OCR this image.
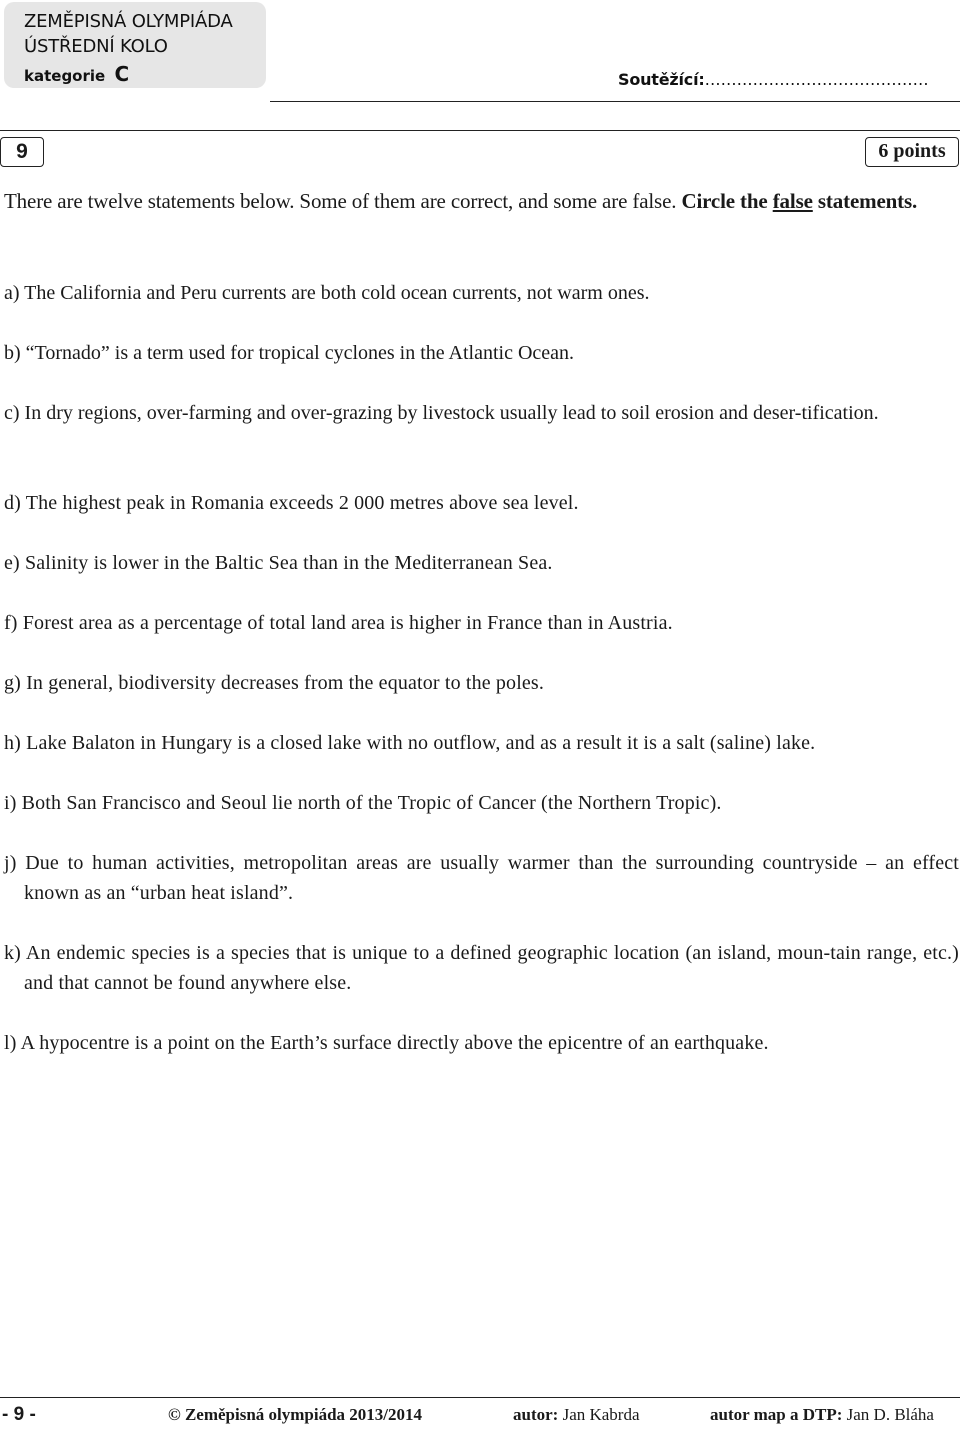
ZEMĚPISNÁ OLYMPIÁDA
ÚSTŘEDNÍ KOLO
kategorie C	Soutěžící:……………………………………
9	6 points
There are twelve statements below. Some of them are correct, and some are false. Circle the false statements.
a) The California and Peru currents are both cold ocean currents, not warm ones.
b) “Tornado” is a term used for tropical cyclones in the Atlantic Ocean.
c) In dry regions, over-farming and over-grazing by livestock usually lead to soil erosion and deser-tification.
d) The highest peak in Romania exceeds 2 000 metres above sea level.
e) Salinity is lower in the Baltic Sea than in the Mediterranean Sea.
f) Forest area as a percentage of total land area is higher in France than in Austria.
g) In general, biodiversity decreases from the equator to the poles.
h) Lake Balaton in Hungary is a closed lake with no outflow, and as a result it is a salt (saline) lake.
i) Both San Francisco and Seoul lie north of the Tropic of Cancer (the Northern Tropic).
j) Due to human activities, metropolitan areas are usually warmer than the surrounding countryside – an effect known as an “urban heat island”.
k) An endemic species is a species that is unique to a defined geographic location (an island, moun-tain range, etc.) and that cannot be found anywhere else.
l) A hypocentre is a point on the Earth’s surface directly above the epicentre of an earthquake.
- 9 -	© Zeměpisná olympiáda 2013/2014	autor: Jan Kabrda	autor map a DTP: Jan D. Bláha
